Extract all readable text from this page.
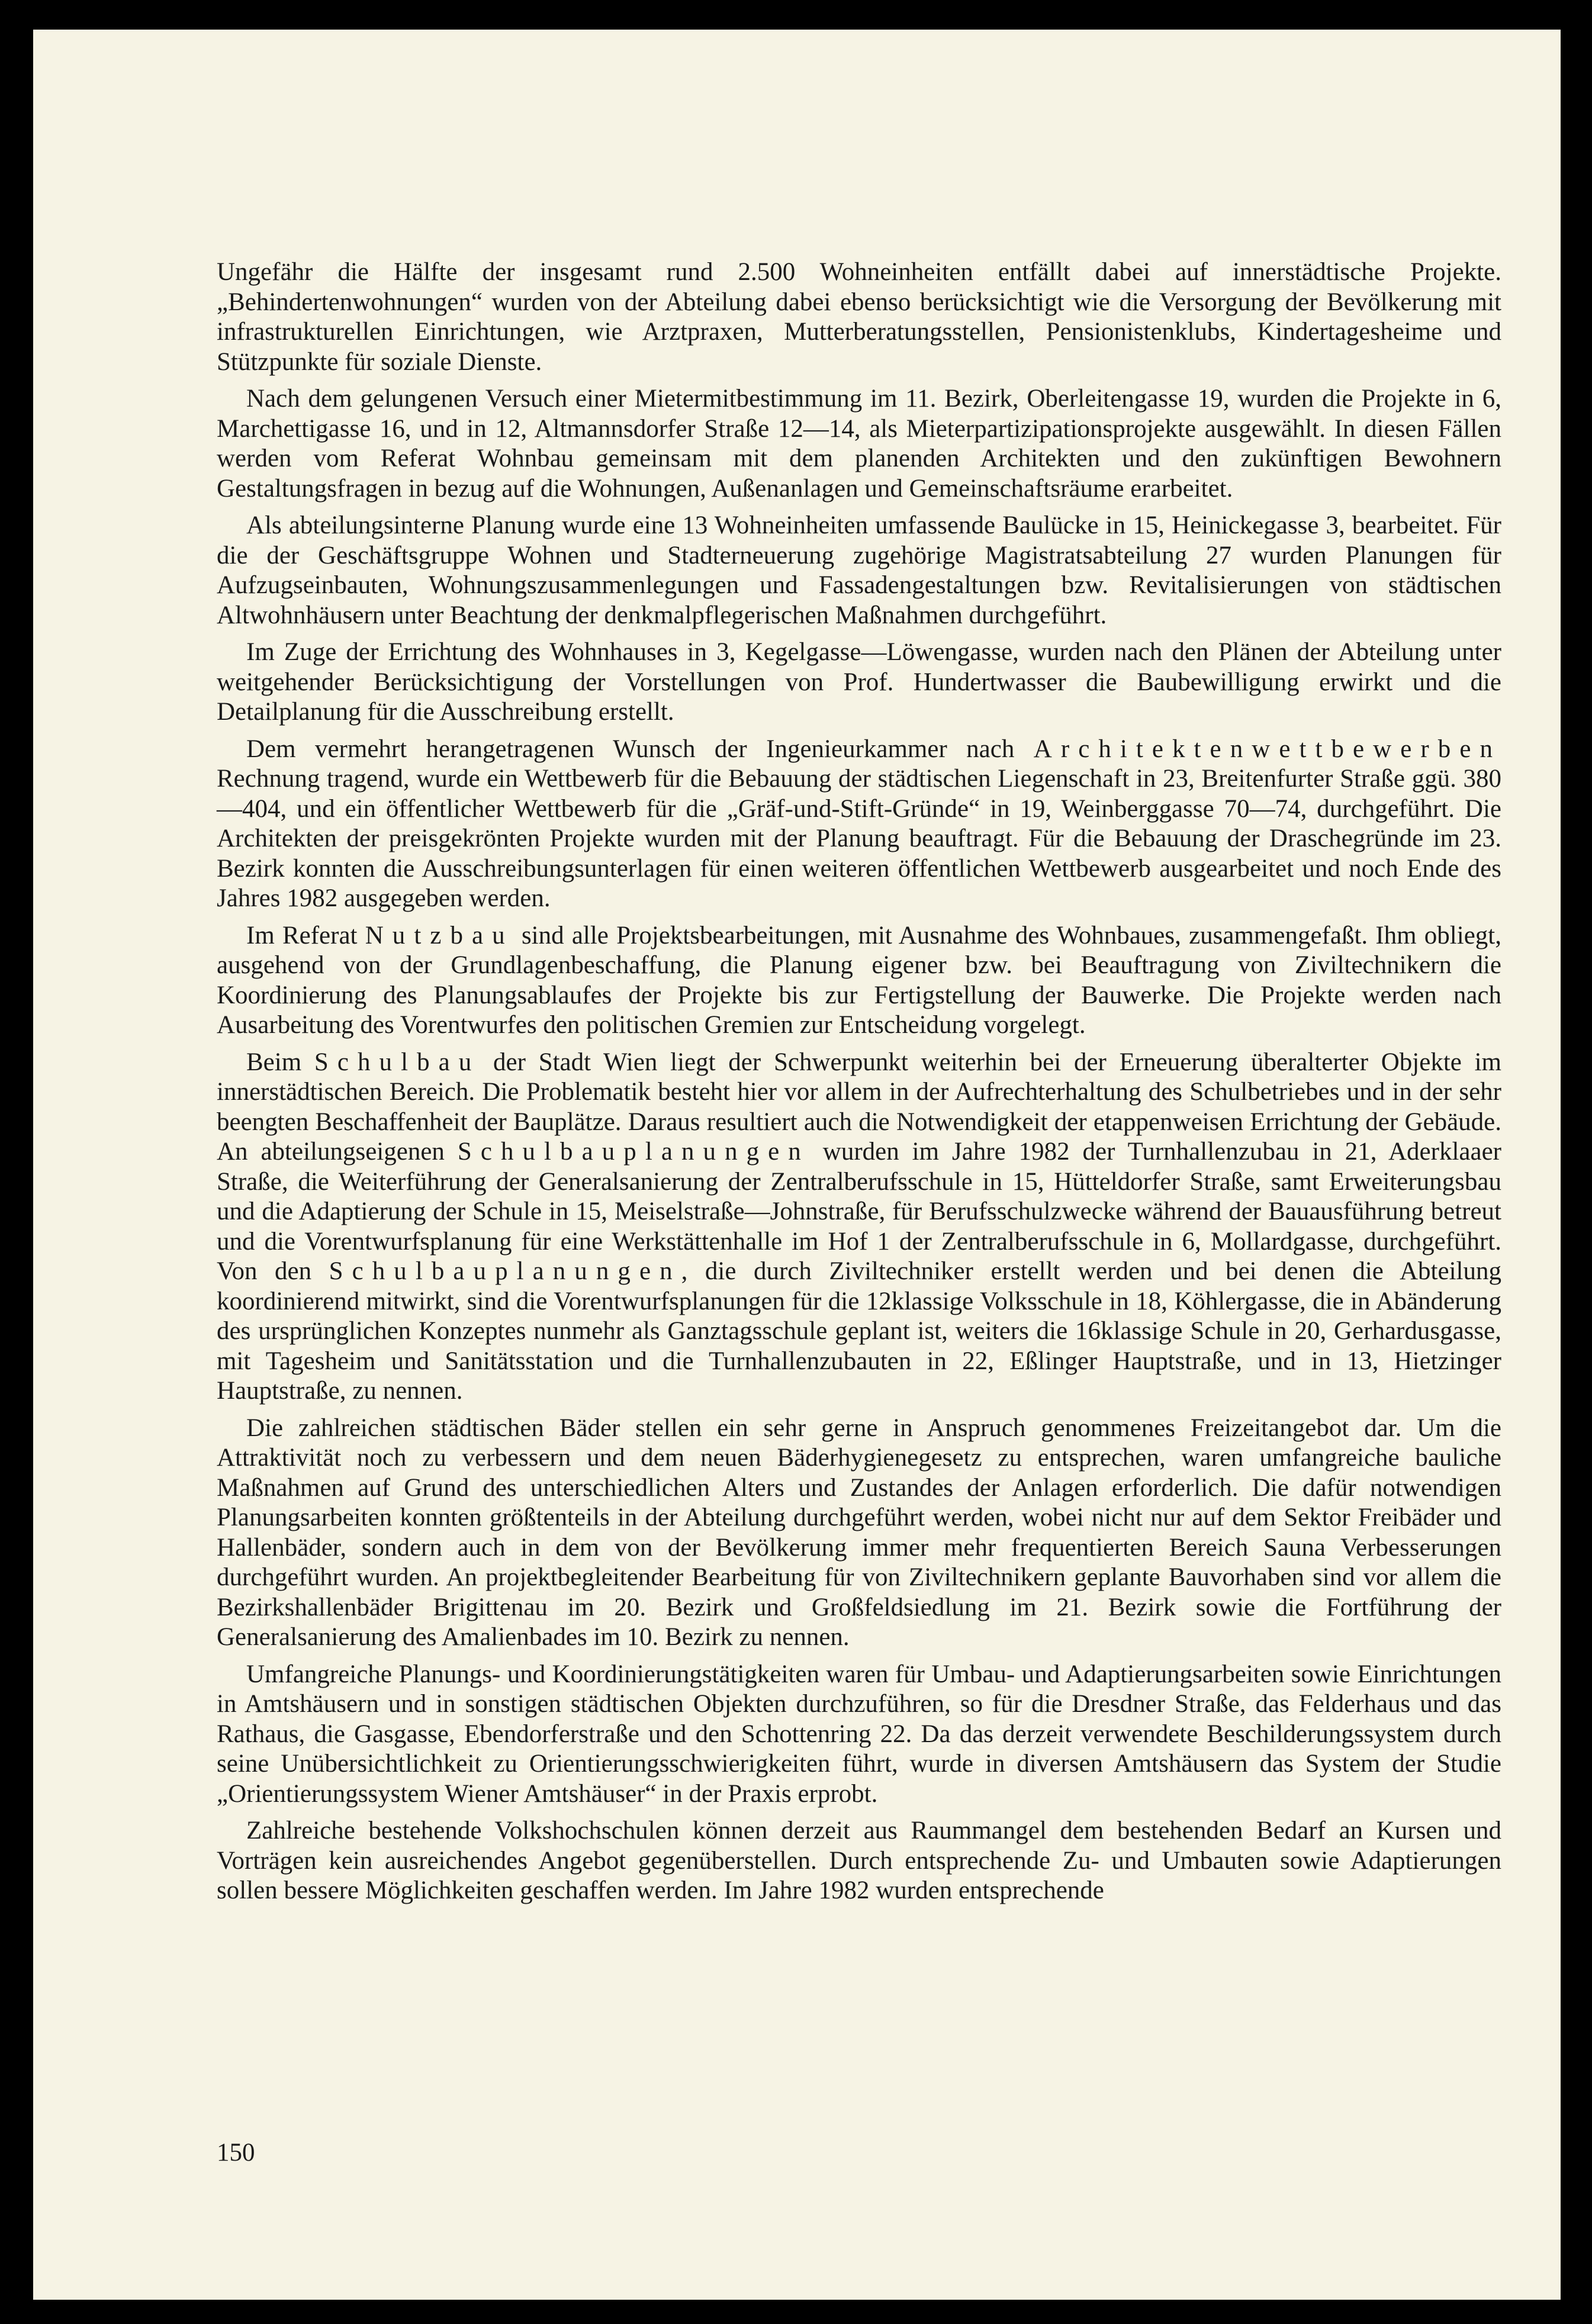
Ungefähr die Hälfte der insgesamt rund 2.500 Wohneinheiten entfällt dabei auf innerstädtische Projekte. „Behindertenwohnungen“ wurden von der Abteilung dabei ebenso berücksichtigt wie die Versorgung der Bevölkerung mit infrastrukturellen Einrichtungen, wie Arztpraxen, Mutterberatungsstellen, Pensionistenklubs, Kindertagesheime und Stützpunkte für soziale Dienste.

Nach dem gelungenen Versuch einer Mietermitbestimmung im 11. Bezirk, Oberleitengasse 19, wurden die Projekte in 6, Marchettigasse 16, und in 12, Altmannsdorfer Straße 12—14, als Mieterpartizipationsprojekte ausgewählt. In diesen Fällen werden vom Referat Wohnbau gemeinsam mit dem planenden Architekten und den zukünftigen Bewohnern Gestaltungsfragen in bezug auf die Wohnungen, Außenanlagen und Gemeinschaftsräume erarbeitet.

Als abteilungsinterne Planung wurde eine 13 Wohneinheiten umfassende Baulücke in 15, Heinickegasse 3, bearbeitet. Für die der Geschäftsgruppe Wohnen und Stadterneuerung zugehörige Magistratsabteilung 27 wurden Planungen für Aufzugseinbauten, Wohnungszusammenlegungen und Fassadengestaltungen bzw. Revitalisierungen von städtischen Altwohnhäusern unter Beachtung der denkmalpflegerischen Maßnahmen durchgeführt.

Im Zuge der Errichtung des Wohnhauses in 3, Kegelgasse—Löwengasse, wurden nach den Plänen der Abteilung unter weitgehender Berücksichtigung der Vorstellungen von Prof. Hundertwasser die Baubewilligung erwirkt und die Detailplanung für die Ausschreibung erstellt.

Dem vermehrt herangetragenen Wunsch der Ingenieurkammer nach Architektenwettbewerben Rechnung tragend, wurde ein Wettbewerb für die Bebauung der städtischen Liegenschaft in 23, Breitenfurter Straße ggü. 380—404, und ein öffentlicher Wettbewerb für die „Gräf-und-Stift-Gründe“ in 19, Weinberggasse 70—74, durchgeführt. Die Architekten der preisgekrönten Projekte wurden mit der Planung beauftragt. Für die Bebauung der Draschegründe im 23. Bezirk konnten die Ausschreibungsunterlagen für einen weiteren öffentlichen Wettbewerb ausgearbeitet und noch Ende des Jahres 1982 ausgegeben werden.

Im Referat Nutzbau sind alle Projektsbearbeitungen, mit Ausnahme des Wohnbaues, zusammengefaßt. Ihm obliegt, ausgehend von der Grundlagenbeschaffung, die Planung eigener bzw. bei Beauftragung von Ziviltechnikern die Koordinierung des Planungsablaufes der Projekte bis zur Fertigstellung der Bauwerke. Die Projekte werden nach Ausarbeitung des Vorentwurfes den politischen Gremien zur Entscheidung vorgelegt.

Beim Schulbau der Stadt Wien liegt der Schwerpunkt weiterhin bei der Erneuerung überalterter Objekte im innerstädtischen Bereich. Die Problematik besteht hier vor allem in der Aufrechterhaltung des Schulbetriebes und in der sehr beengten Beschaffenheit der Bauplätze. Daraus resultiert auch die Notwendigkeit der etappenweisen Errichtung der Gebäude. An abteilungseigenen Schulbauplanungen wurden im Jahre 1982 der Turnhallenzubau in 21, Aderklaaer Straße, die Weiterführung der Generalsanierung der Zentralberufsschule in 15, Hütteldorfer Straße, samt Erweiterungsbau und die Adaptierung der Schule in 15, Meiselstraße—Johnstraße, für Berufsschulzwecke während der Bauausführung betreut und die Vorentwurfsplanung für eine Werkstättenhalle im Hof 1 der Zentralberufsschule in 6, Mollardgasse, durchgeführt. Von den Schulbauplanungen, die durch Ziviltechniker erstellt werden und bei denen die Abteilung koordinierend mitwirkt, sind die Vorentwurfsplanungen für die 12klassige Volksschule in 18, Köhlergasse, die in Abänderung des ursprünglichen Konzeptes nunmehr als Ganztagsschule geplant ist, weiters die 16klassige Schule in 20, Gerhardusgasse, mit Tagesheim und Sanitätsstation und die Turnhallenzubauten in 22, Eßlinger Hauptstraße, und in 13, Hietzinger Hauptstraße, zu nennen.

Die zahlreichen städtischen Bäder stellen ein sehr gerne in Anspruch genommenes Freizeitangebot dar. Um die Attraktivität noch zu verbessern und dem neuen Bäderhygienegesetz zu entsprechen, waren umfangreiche bauliche Maßnahmen auf Grund des unterschiedlichen Alters und Zustandes der Anlagen erforderlich. Die dafür notwendigen Planungsarbeiten konnten größtenteils in der Abteilung durchgeführt werden, wobei nicht nur auf dem Sektor Freibäder und Hallenbäder, sondern auch in dem von der Bevölkerung immer mehr frequentierten Bereich Sauna Verbesserungen durchgeführt wurden. An projektbegleitender Bearbeitung für von Ziviltechnikern geplante Bauvorhaben sind vor allem die Bezirkshallenbäder Brigittenau im 20. Bezirk und Großfeldsiedlung im 21. Bezirk sowie die Fortführung der Generalsanierung des Amalienbades im 10. Bezirk zu nennen.

Umfangreiche Planungs- und Koordinierungstätigkeiten waren für Umbau- und Adaptierungsarbeiten sowie Einrichtungen in Amtshäusern und in sonstigen städtischen Objekten durchzuführen, so für die Dresdner Straße, das Felderhaus und das Rathaus, die Gasgasse, Ebendorferstraße und den Schottenring 22. Da das derzeit verwendete Beschilderungssystem durch seine Unübersichtlichkeit zu Orientierungsschwierigkeiten führt, wurde in diversen Amtshäusern das System der Studie „Orientierungssystem Wiener Amtshäuser“ in der Praxis erprobt.

Zahlreiche bestehende Volkshochschulen können derzeit aus Raummangel dem bestehenden Bedarf an Kursen und Vorträgen kein ausreichendes Angebot gegenüberstellen. Durch entsprechende Zu- und Umbauten sowie Adaptierungen sollen bessere Möglichkeiten geschaffen werden. Im Jahre 1982 wurden entsprechende

150
